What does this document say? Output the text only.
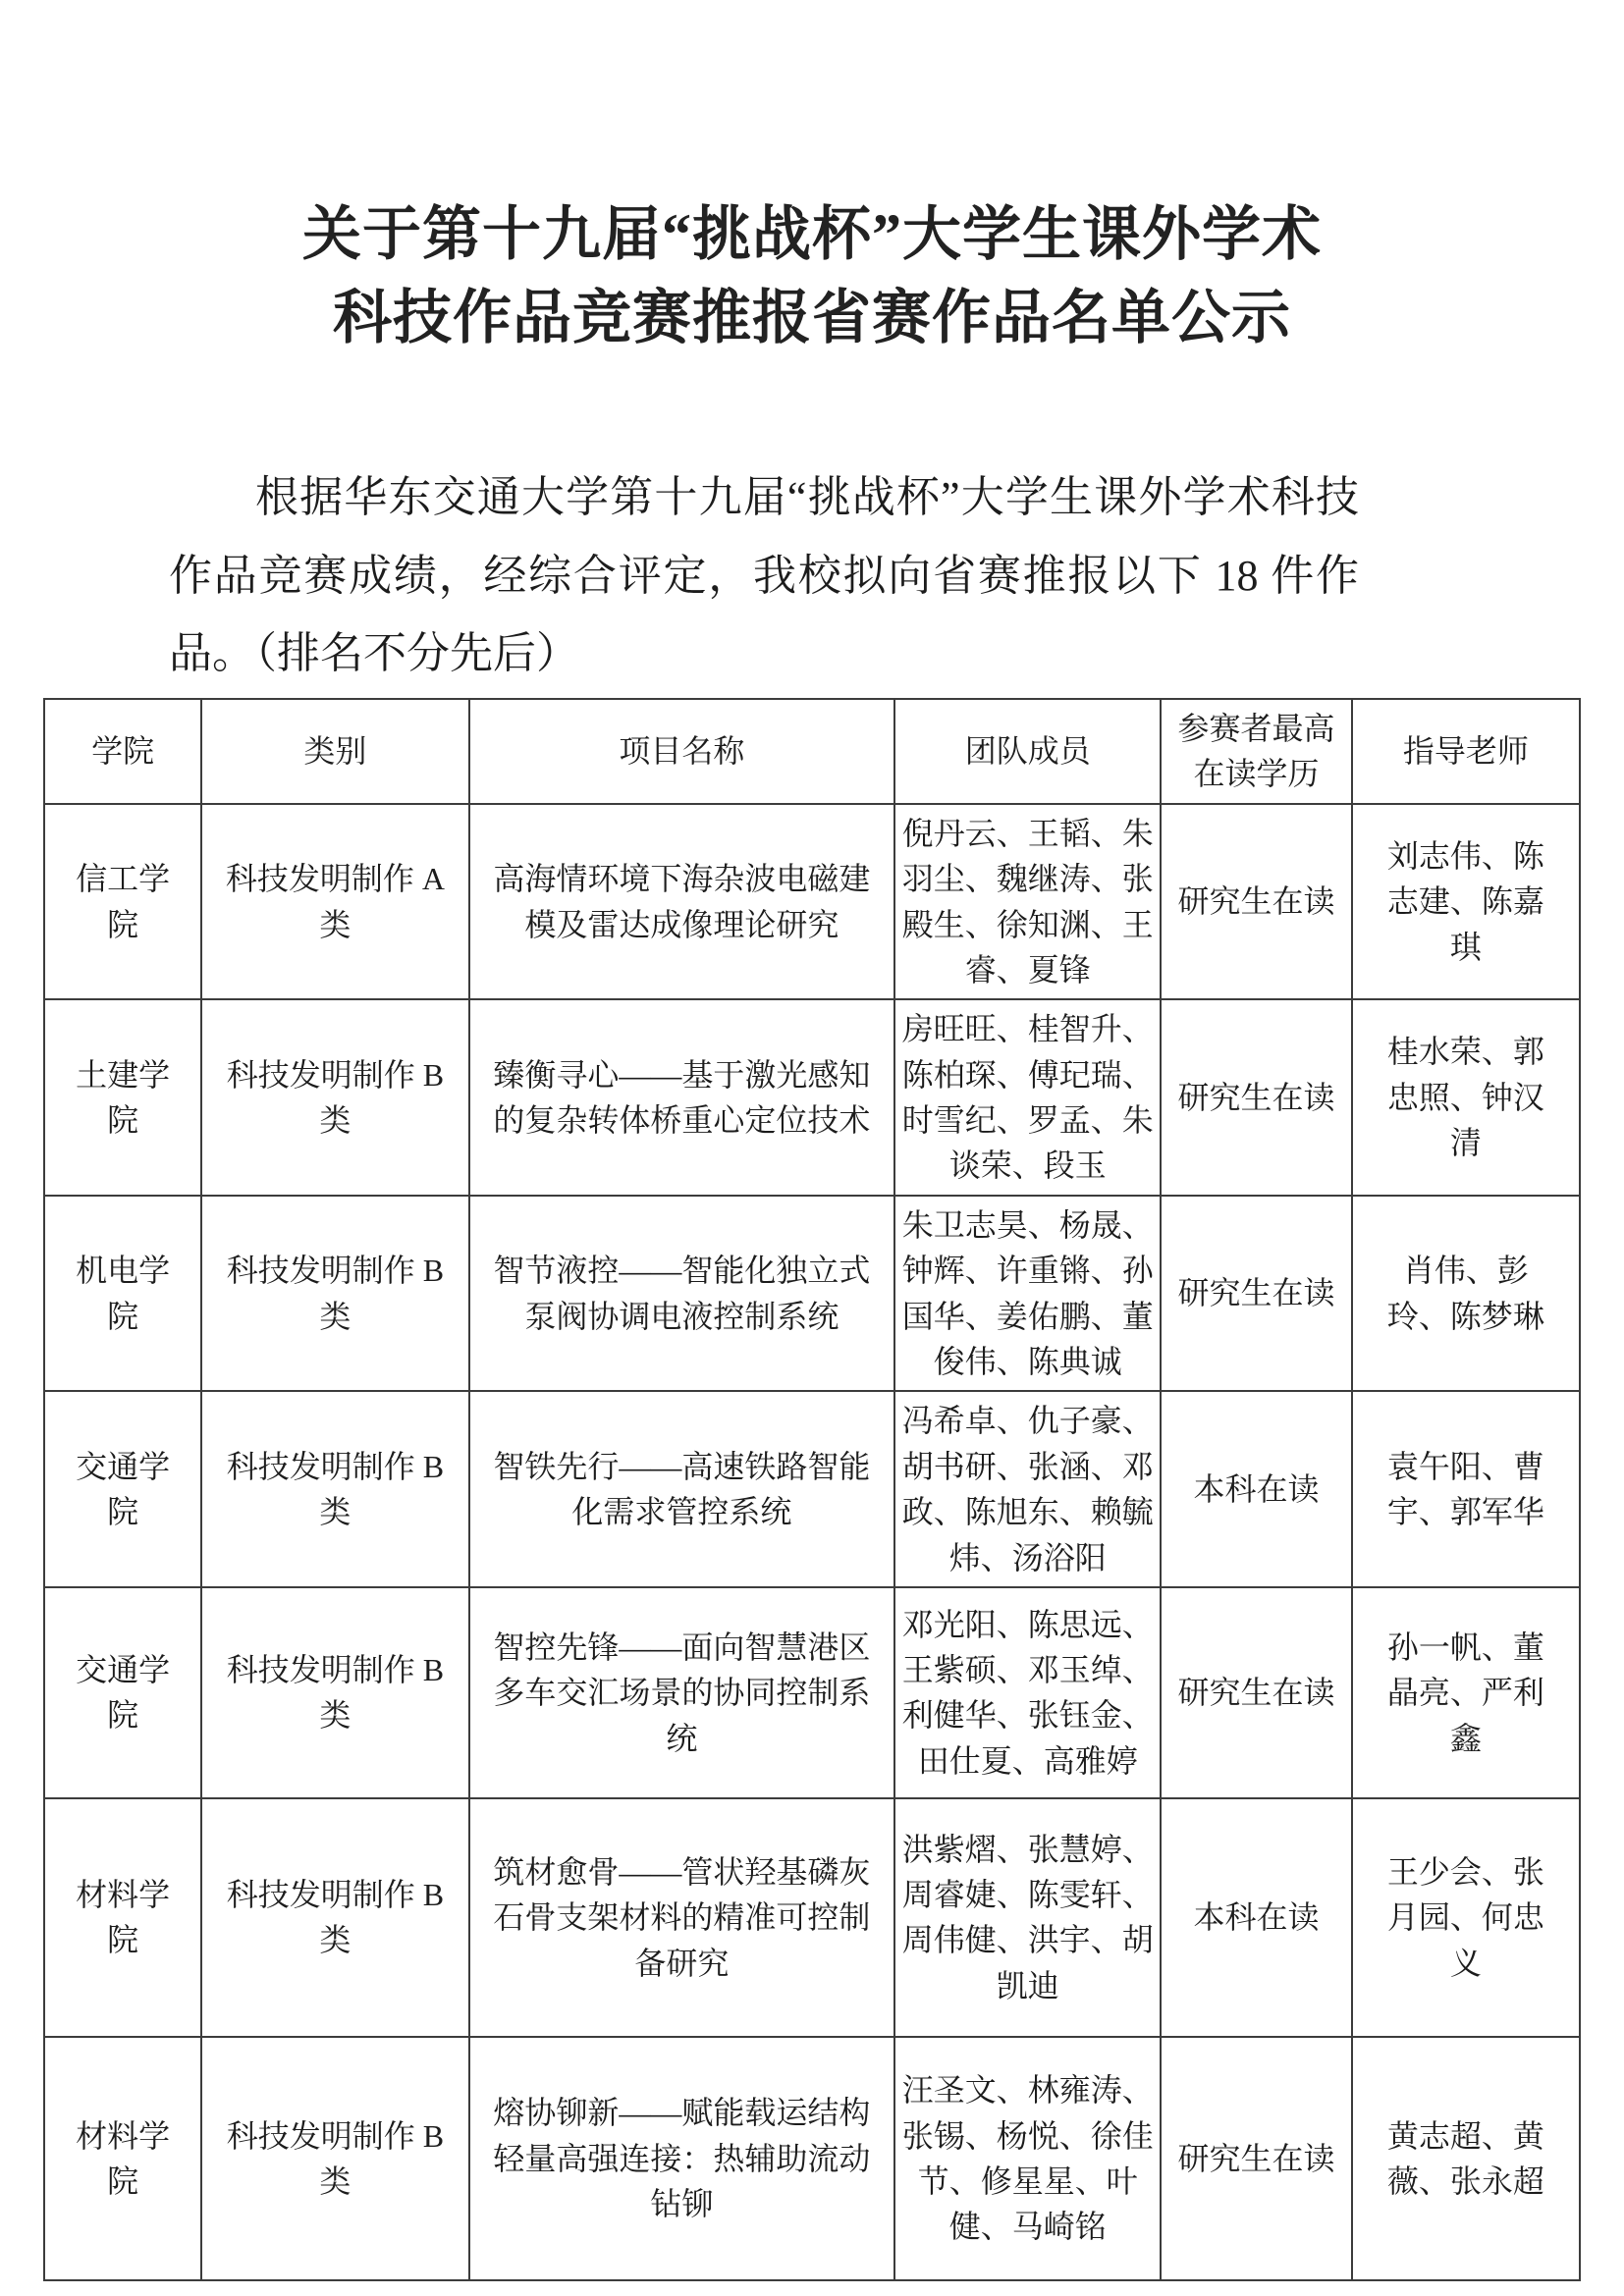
关于第十九届“挑战杯”大学生课外学术
科技作品竞赛推报省赛作品名单公示

根据华东交通大学第十九届“挑战杯”大学生课外学术科技作品竞赛成绩，经综合评定，我校拟向省赛推报以下 18 件作品。（排名不分先后）

学院	类别	项目名称	团队成员	参赛者最高在读学历	指导老师
信工学院	科技发明制作 A 类	高海情环境下海杂波电磁建模及雷达成像理论研究	倪丹云、王韬、朱羽尘、魏继涛、张殿生、徐知渊、王睿、夏锋	研究生在读	刘志伟、陈志建、陈嘉琪
土建学院	科技发明制作 B 类	臻衡寻心——基于激光感知的复杂转体桥重心定位技术	房旺旺、桂智升、陈柏琛、傅玘瑞、时雪纪、罗孟、朱谈荣、段玉	研究生在读	桂水荣、郭忠照、钟汉清
机电学院	科技发明制作 B 类	智节液控——智能化独立式泵阀协调电液控制系统	朱卫志昊、杨晟、钟辉、许重锵、孙国华、姜佑鹏、董俊伟、陈典诚	研究生在读	肖伟、彭玲、陈梦琳
交通学院	科技发明制作 B 类	智铁先行——高速铁路智能化需求管控系统	冯希卓、仇子豪、胡书研、张涵、邓政、陈旭东、赖毓炜、汤浴阳	本科在读	袁午阳、曹宇、郭军华
交通学院	科技发明制作 B 类	智控先锋——面向智慧港区多车交汇场景的协同控制系统	邓光阳、陈思远、王紫硕、邓玉绰、利健华、张钰金、田仕夏、高雅婷	研究生在读	孙一帆、董晶亮、严利鑫
材料学院	科技发明制作 B 类	筑材愈骨——管状羟基磷灰石骨支架材料的精准可控制备研究	洪紫熠、张慧婷、周睿婕、陈雯轩、周伟健、洪宇、胡凯迪	本科在读	王少会、张月园、何忠义
材料学院	科技发明制作 B 类	熔协铆新——赋能载运结构轻量高强连接：热辅助流动钻铆	汪圣文、林雍涛、张锡、杨悦、徐佳节、修星星、叶健、马崎铭	研究生在读	黄志超、黄薇、张永超
